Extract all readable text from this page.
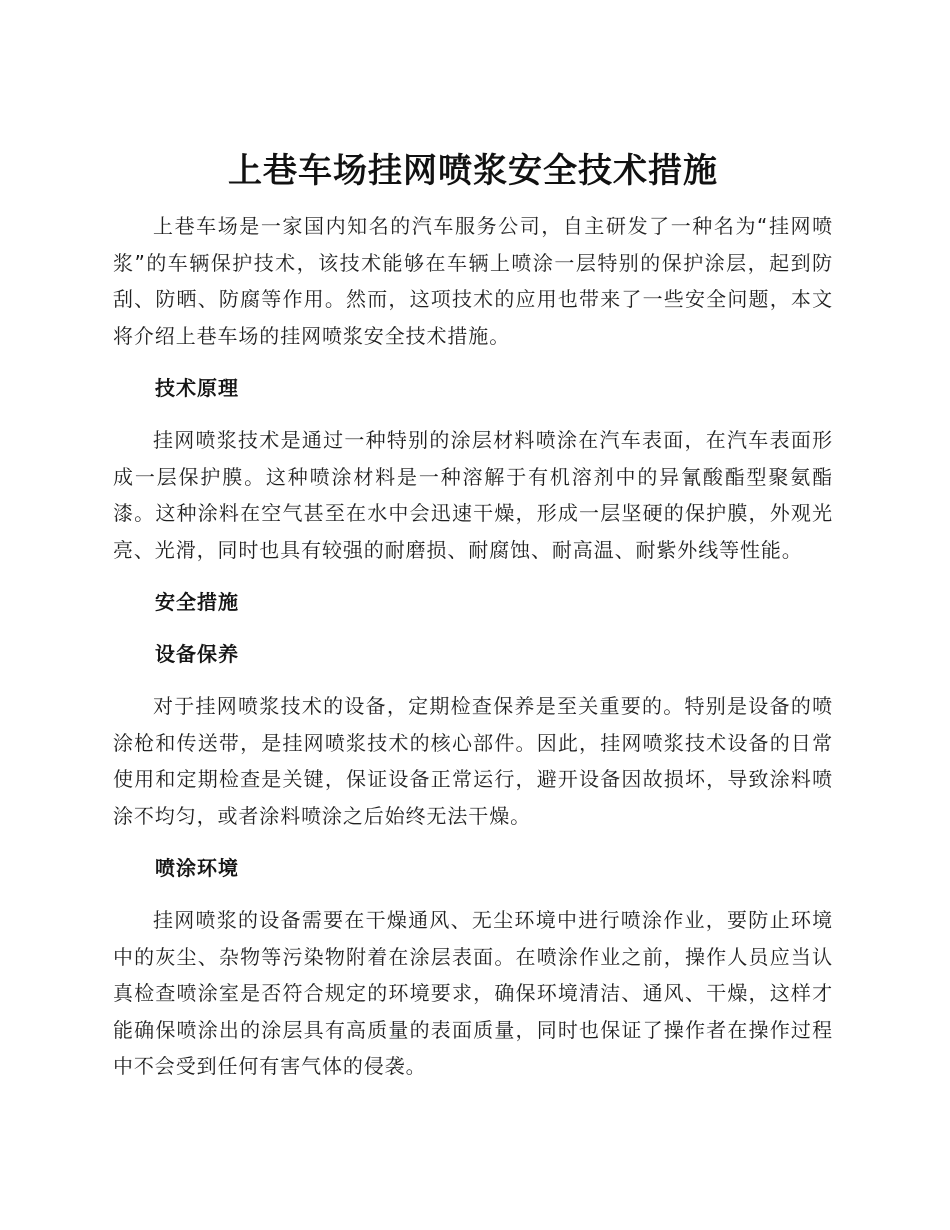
上巷车场挂网喷浆安全技术措施

上巷车场是一家国内知名的汽车服务公司，自主研发了一种名为“挂网喷浆”的车辆保护技术，该技术能够在车辆上喷涂一层特别的保护涂层，起到防刮、防晒、防腐等作用。然而，这项技术的应用也带来了一些安全问题，本文将介绍上巷车场的挂网喷浆安全技术措施。

技术原理

挂网喷浆技术是通过一种特别的涂层材料喷涂在汽车表面，在汽车表面形成一层保护膜。这种喷涂材料是一种溶解于有机溶剂中的异氰酸酯型聚氨酯漆。这种涂料在空气甚至在水中会迅速干燥，形成一层坚硬的保护膜，外观光亮、光滑，同时也具有较强的耐磨损、耐腐蚀、耐高温、耐紫外线等性能。

安全措施
设备保养

对于挂网喷浆技术的设备，定期检查保养是至关重要的。特别是设备的喷涂枪和传送带，是挂网喷浆技术的核心部件。因此，挂网喷浆技术设备的日常使用和定期检查是关键，保证设备正常运行，避开设备因故损坏，导致涂料喷涂不均匀，或者涂料喷涂之后始终无法干燥。

喷涂环境

挂网喷浆的设备需要在干燥通风、无尘环境中进行喷涂作业，要防止环境中的灰尘、杂物等污染物附着在涂层表面。在喷涂作业之前，操作人员应当认真检查喷涂室是否符合规定的环境要求，确保环境清洁、通风、干燥，这样才能确保喷涂出的涂层具有高质量的表面质量，同时也保证了操作者在操作过程中不会受到任何有害气体的侵袭。
